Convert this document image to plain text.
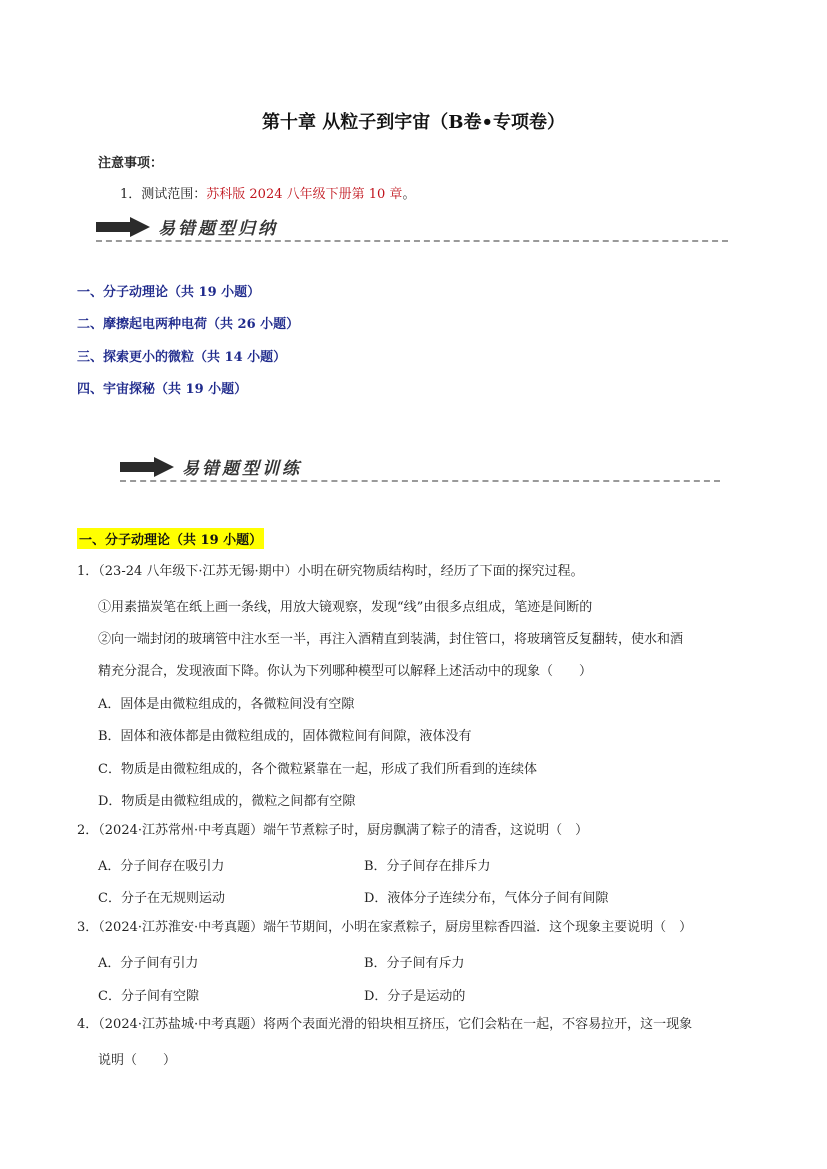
第十章 从粒子到宇宙（B卷•专项卷）
注意事项：
1．测试范围：苏科版 2024 八年级下册第 10 章。
易错题型归纳
一、分子动理论（共 19 小题）
二、摩擦起电两种电荷（共 26 小题）
三、探索更小的微粒（共 14 小题）
四、宇宙探秘（共 19 小题）
易错题型训练
一、分子动理论（共 19 小题）
1．（23-24 八年级下·江苏无锡·期中）小明在研究物质结构时，经历了下面的探究过程。
①用素描炭笔在纸上画一条线，用放大镜观察，发现“线”由很多点组成，笔迹是间断的
②向一端封闭的玻璃管中注水至一半，再注入酒精直到装满，封住管口，将玻璃管反复翻转，使水和酒
精充分混合，发现液面下降。你认为下列哪种模型可以解释上述活动中的现象（　　）
A．固体是由微粒组成的，各微粒间没有空隙
B．固体和液体都是由微粒组成的，固体微粒间有间隙，液体没有
C．物质是由微粒组成的，各个微粒紧靠在一起，形成了我们所看到的连续体
D．物质是由微粒组成的，微粒之间都有空隙
2．（2024·江苏常州·中考真题）端午节煮粽子时，厨房飘满了粽子的清香，这说明（　）
A．分子间存在吸引力	B．分子间存在排斥力
C．分子在无规则运动	D．液体分子连续分布，气体分子间有间隙
3．（2024·江苏淮安·中考真题）端午节期间，小明在家煮粽子，厨房里粽香四溢．这个现象主要说明（　）
A．分子间有引力	B．分子间有斥力
C．分子间有空隙	D．分子是运动的
4．（2024·江苏盐城·中考真题）将两个表面光滑的铅块相互挤压，它们会粘在一起，不容易拉开，这一现象
说明（　　）
